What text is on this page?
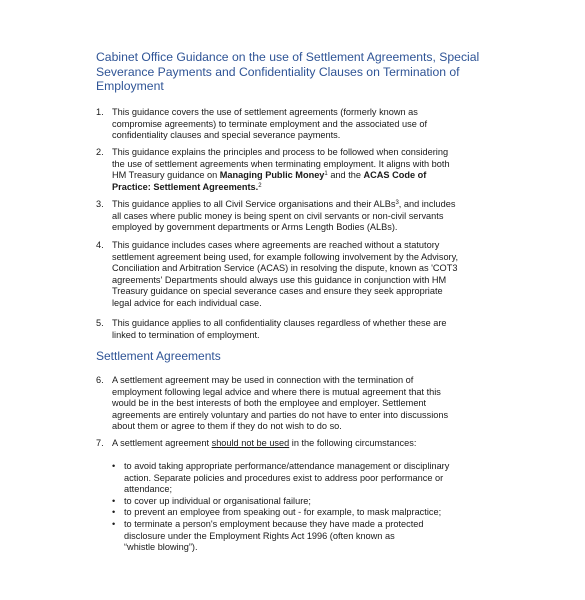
Cabinet Office Guidance on the use of Settlement Agreements, Special
Severance Payments and Confidentiality Clauses on Termination of
Employment
1. This guidance covers the use of settlement agreements (formerly known as
compromise agreements) to terminate employment and the associated use of
confidentiality clauses and special severance payments.
2. This guidance explains the principles and process to be followed when considering
the use of settlement agreements when terminating employment. It aligns with both
HM Treasury guidance on Managing Public Money$^1$ and the ACAS Code of
Practice: Settlement Agreements.$^2$
3. This guidance applies to all Civil Service organisations and their ALBs$^3$, and includes
all cases where public money is being spent on civil servants or non-civil servants
employed by government departments or Arms Length Bodies (ALBs).
4. This guidance includes cases where agreements are reached without a statutory
settlement agreement being used, for example following involvement by the Advisory,
Conciliation and Arbitration Service (ACAS) in resolving the dispute, known as 'COT3
agreements' Departments should always use this guidance in conjunction with HM
Treasury guidance on special severance cases and ensure they seek appropriate
legal advice for each individual case.
5. This guidance applies to all confidentiality clauses regardless of whether these are
linked to termination of employment.
Settlement Agreements
6. A settlement agreement may be used in connection with the termination of
employment following legal advice and where there is mutual agreement that this
would be in the best interests of both the employee and employer. Settlement
agreements are entirely voluntary and parties do not have to enter into discussions
about them or agree to them if they do not wish to do so.
7. A settlement agreement should not be used in the following circumstances:
• to avoid taking appropriate performance/attendance management or disciplinary
action. Separate policies and procedures exist to address poor performance or
attendance;
• to cover up individual or organisational failure;
• to prevent an employee from speaking out - for example, to mask malpractice;
• to terminate a person's employment because they have made a protected
disclosure under the Employment Rights Act 1996 (often known as
“whistle blowing”).
